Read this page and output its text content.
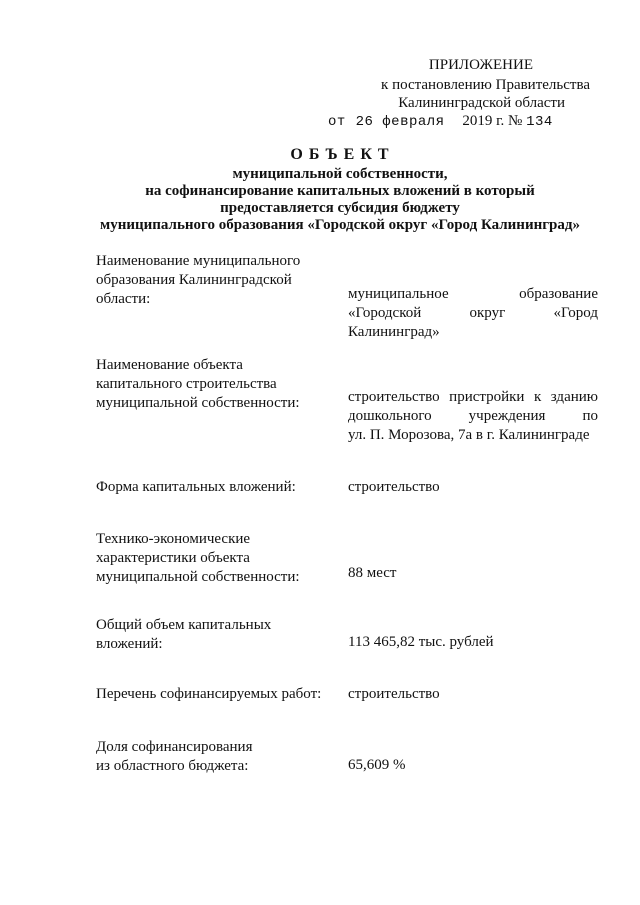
ПРИЛОЖЕНИЕ
к постановлению Правительства
Калининградской области
от 26 февраля 2019 г. № 134
О Б Ъ Е К Т
муниципальной собственности,
на софинансирование капитальных вложений в который
предоставляется субсидия бюджету
муниципального образования «Городской округ «Город Калининград»
Наименование муниципального
образования Калининградской
области:	муниципальное образование
«Городской округ «Город
Калининград»
Наименование объекта
капитального строительства
муниципальной собственности:	строительство пристройки к зданию
дошкольного учреждения по
ул. П. Морозова, 7а в г. Калининграде
Форма капитальных вложений:	строительство
Технико-экономические
характеристики объекта
муниципальной собственности:	88 мест
Общий объем капитальных
вложений:	113 465,82 тыс. рублей
Перечень софинансируемых работ:	строительство
Доля софинансирования
из областного бюджета:	65,609 %
